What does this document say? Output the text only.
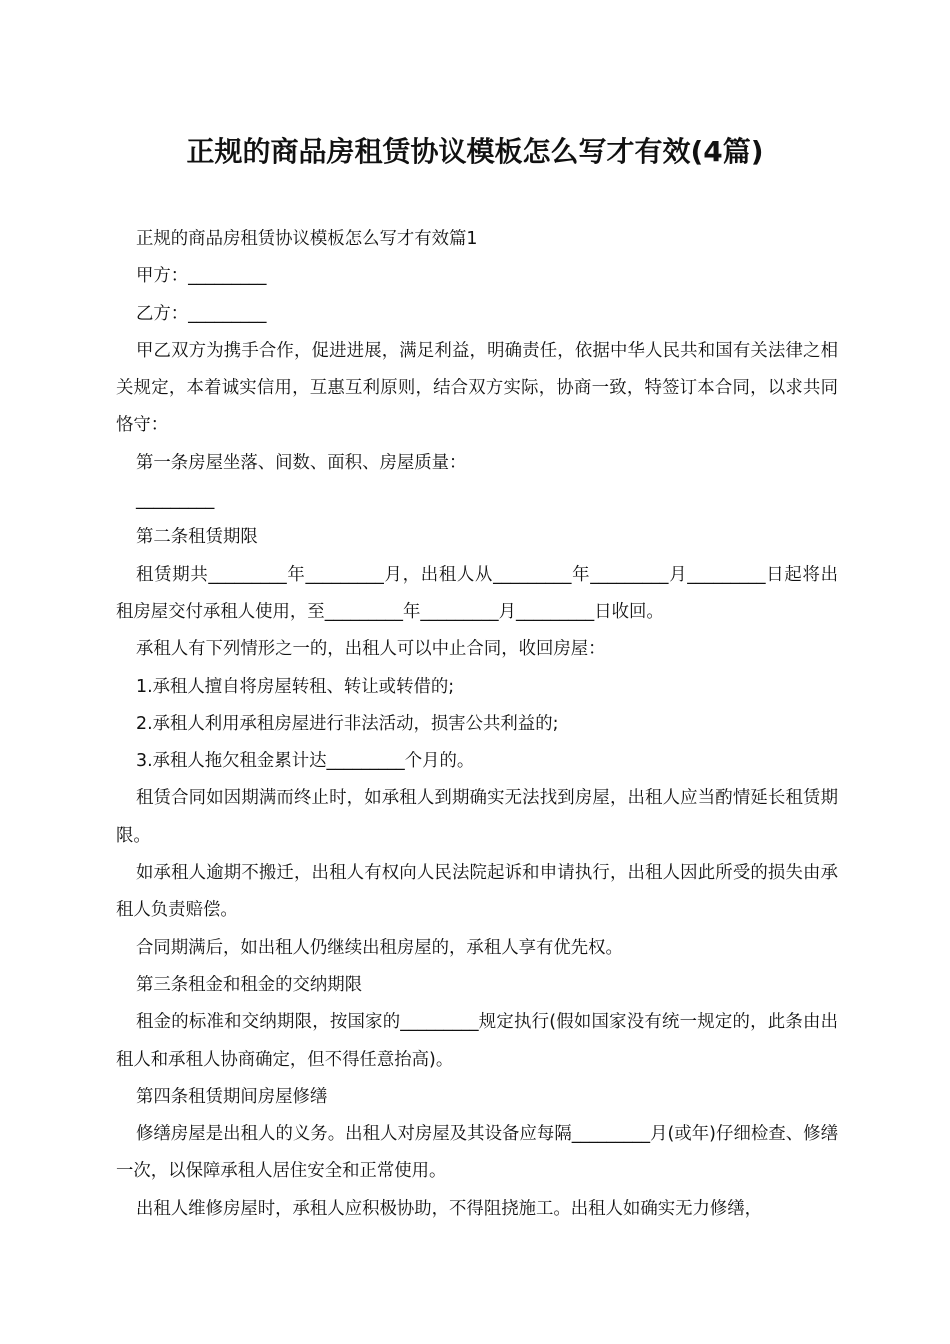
正规的商品房租赁协议模板怎么写才有效(4篇)

正规的商品房租赁协议模板怎么写才有效篇1

甲方：_________

乙方：_________

甲乙双方为携手合作，促进进展，满足利益，明确责任，依据中华人民共和国有关法律之相关规定，本着诚实信用，互惠互利原则，结合双方实际，协商一致，特签订本合同，以求共同恪守：

第一条房屋坐落、间数、面积、房屋质量：

_________

第二条租赁期限

租赁期共_________年_________月，出租人从_________年_________月_________日起将出租房屋交付承租人使用，至_________年_________月_________日收回。

承租人有下列情形之一的，出租人可以中止合同，收回房屋：

1.承租人擅自将房屋转租、转让或转借的;

2.承租人利用承租房屋进行非法活动，损害公共利益的;

3.承租人拖欠租金累计达_________个月的。

租赁合同如因期满而终止时，如承租人到期确实无法找到房屋，出租人应当酌情延长租赁期限。

如承租人逾期不搬迁，出租人有权向人民法院起诉和申请执行，出租人因此所受的损失由承租人负责赔偿。

合同期满后，如出租人仍继续出租房屋的，承租人享有优先权。

第三条租金和租金的交纳期限

租金的标准和交纳期限，按国家的_________规定执行(假如国家没有统一规定的，此条由出租人和承租人协商确定，但不得任意抬高)。

第四条租赁期间房屋修缮

修缮房屋是出租人的义务。出租人对房屋及其设备应每隔_________月(或年)仔细检查、修缮一次，以保障承租人居住安全和正常使用。

出租人维修房屋时，承租人应积极协助，不得阻挠施工。出租人如确实无力修缮，
